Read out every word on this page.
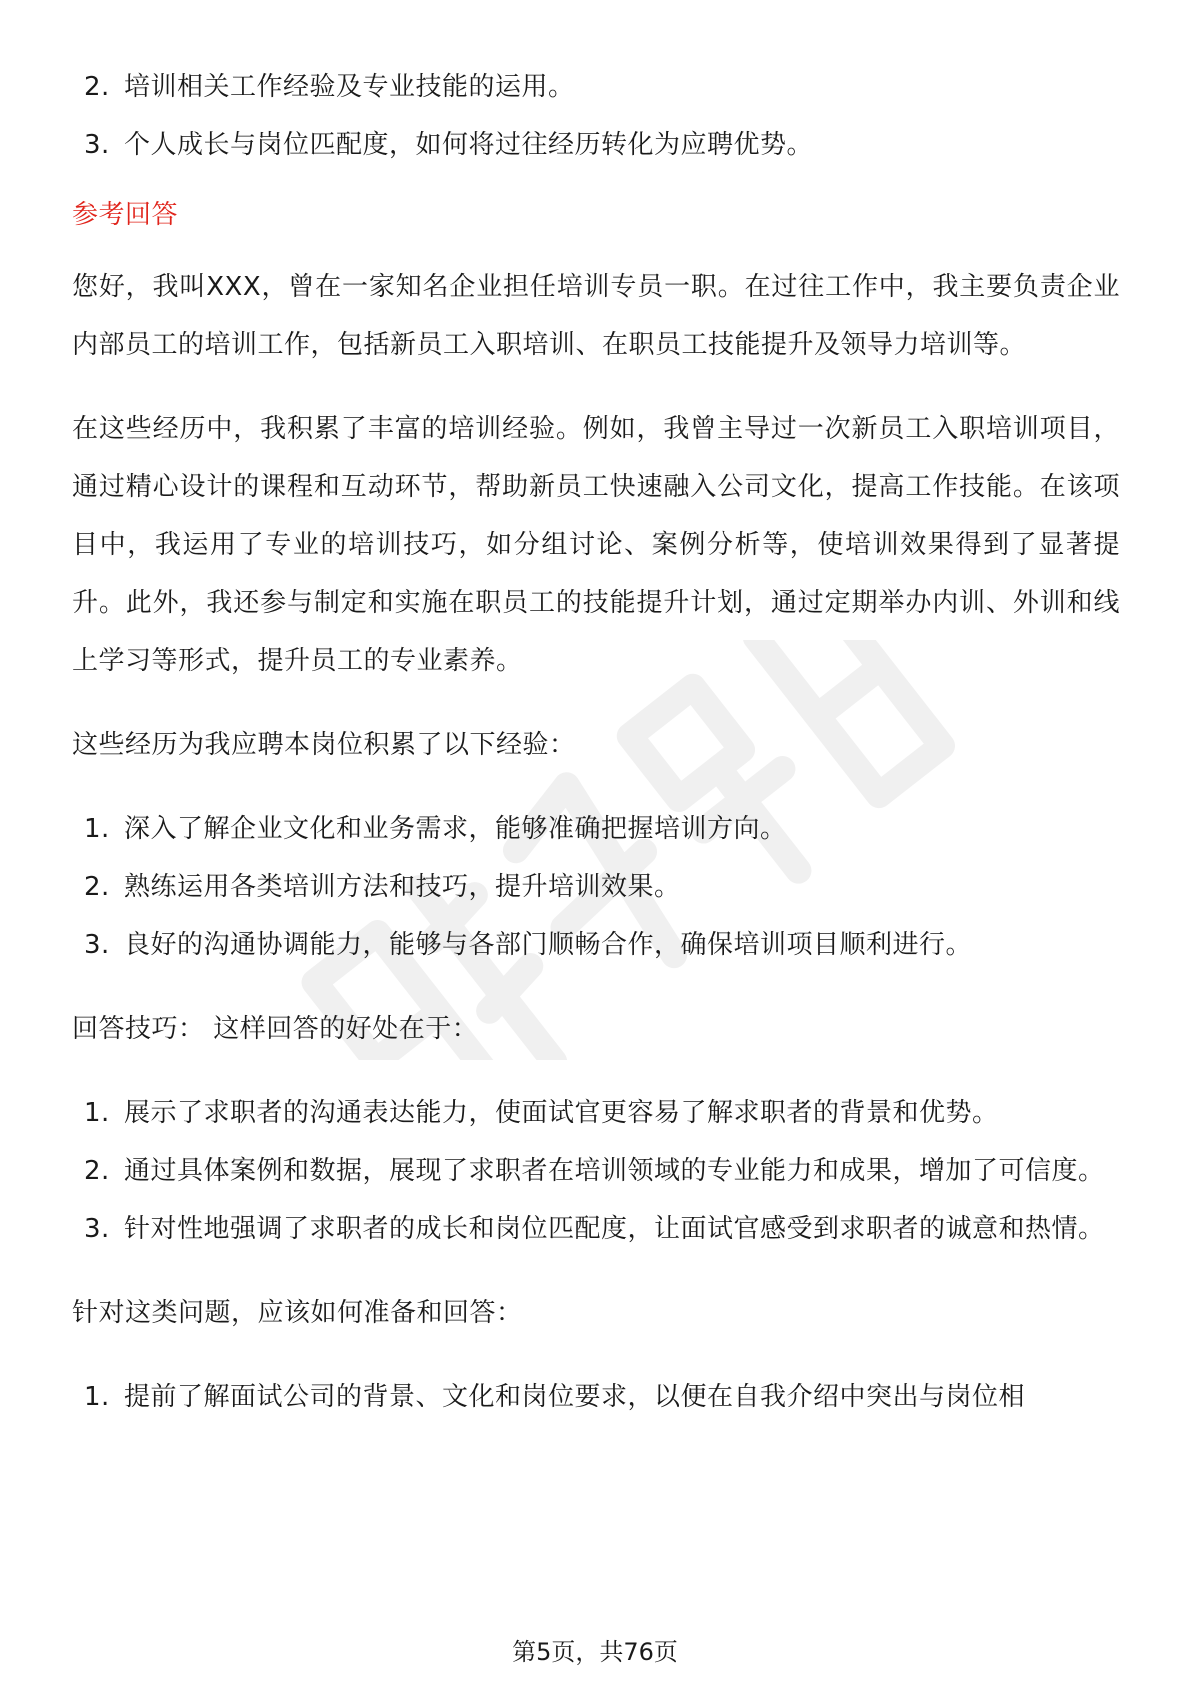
2. 培训相关工作经验及专业技能的运用。
3. 个人成长与岗位匹配度，如何将过往经历转化为应聘优势。
参考回答

您好，我叫XXX，曾在一家知名企业担任培训专员一职。在过往工作中，我主要负责企业内部员工的培训工作，包括新员工入职培训、在职员工技能提升及领导力培训等。

在这些经历中，我积累了丰富的培训经验。例如，我曾主导过一次新员工入职培训项目，通过精心设计的课程和互动环节，帮助新员工快速融入公司文化，提高工作技能。在该项目中，我运用了专业的培训技巧，如分组讨论、案例分析等，使培训效果得到了显著提升。此外，我还参与制定和实施在职员工的技能提升计划，通过定期举办内训、外训和线上学习等形式，提升员工的专业素养。

这些经历为我应聘本岗位积累了以下经验：

1. 深入了解企业文化和业务需求，能够准确把握培训方向。
2. 熟练运用各类培训方法和技巧，提升培训效果。
3. 良好的沟通协调能力，能够与各部门顺畅合作，确保培训项目顺利进行。

回答技巧： 这样回答的好处在于：

1. 展示了求职者的沟通表达能力，使面试官更容易了解求职者的背景和优势。
2. 通过具体案例和数据，展现了求职者在培训领域的专业能力和成果，增加了可信度。
3. 针对性地强调了求职者的成长和岗位匹配度，让面试官感受到求职者的诚意和热情。

针对这类问题，应该如何准备和回答：

1. 提前了解面试公司的背景、文化和岗位要求，以便在自我介绍中突出与岗位相
第5页，共76页
